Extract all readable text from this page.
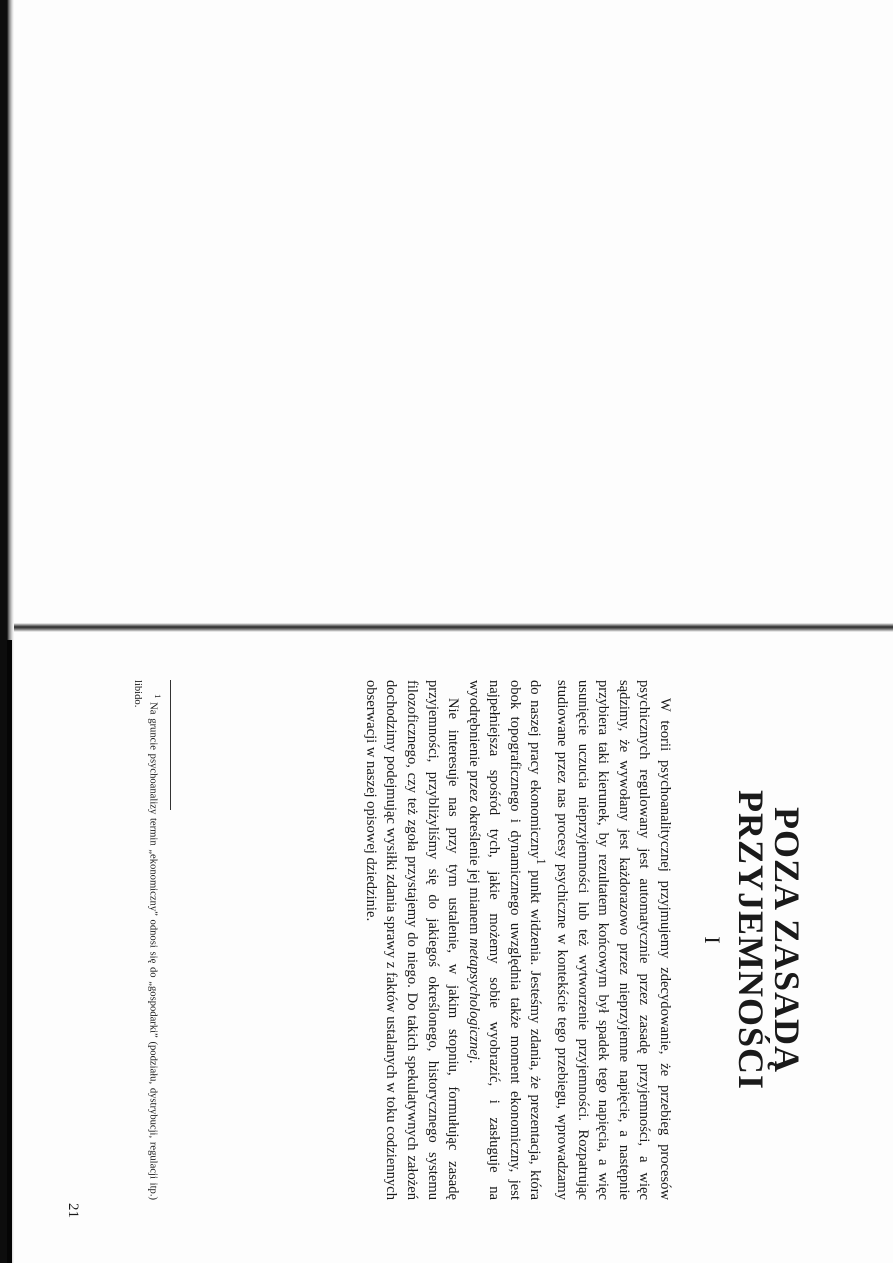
POZA ZASADĄ
PRZYJEMNOŚCI
I

W teorii psychoanalitycznej przyjmujemy zdecydowanie, że przebieg procesów psychicznych regulowany jest automatycznie przez zasadę przyjemności, a więc sądzimy, że wywołany jest każdorazowo przez nieprzyjemne napięcie, a następnie przybiera taki kierunek, by rezultatem końcowym był spadek tego napięcia, a więc usunięcie uczucia nieprzyjemności lub też wytworzenie przyjemności. Rozpatrując studiowane przez nas procesy psychiczne w kontekście tego przebiegu, wprowadzamy do naszej pracy ekonomiczny$^1$ punkt widzenia. Jesteśmy zdania, że prezentacja, która obok topograficznego i dynamicznego uwzględnia także moment ekonomiczny, jest najpełniejsza spośród tych, jakie możemy sobie wyobrazić, i zasługuje na wyodrębnienie przez określenie jej mianem metapsychologicznej.

Nie interesuje nas przy tym ustalenie, w jakim stopniu, formułując zasadę przyjemności, przybliżyliśmy się do jakiegoś określonego, historycznego systemu filozoficznego, czy też zgoła przystajemy do niego. Do takich spekulatywnych założeń dochodzimy podejmując wysiłki zdania sprawy z faktów ustalanych w toku codziennych obserwacji w naszej opisowej dziedzinie.

$^1$ Na gruncie psychoanalizy termin „ekonomiczny” odnosi się do „gospodarki” (podziału, dystrybucji, regulacji itp.) libido.
21
